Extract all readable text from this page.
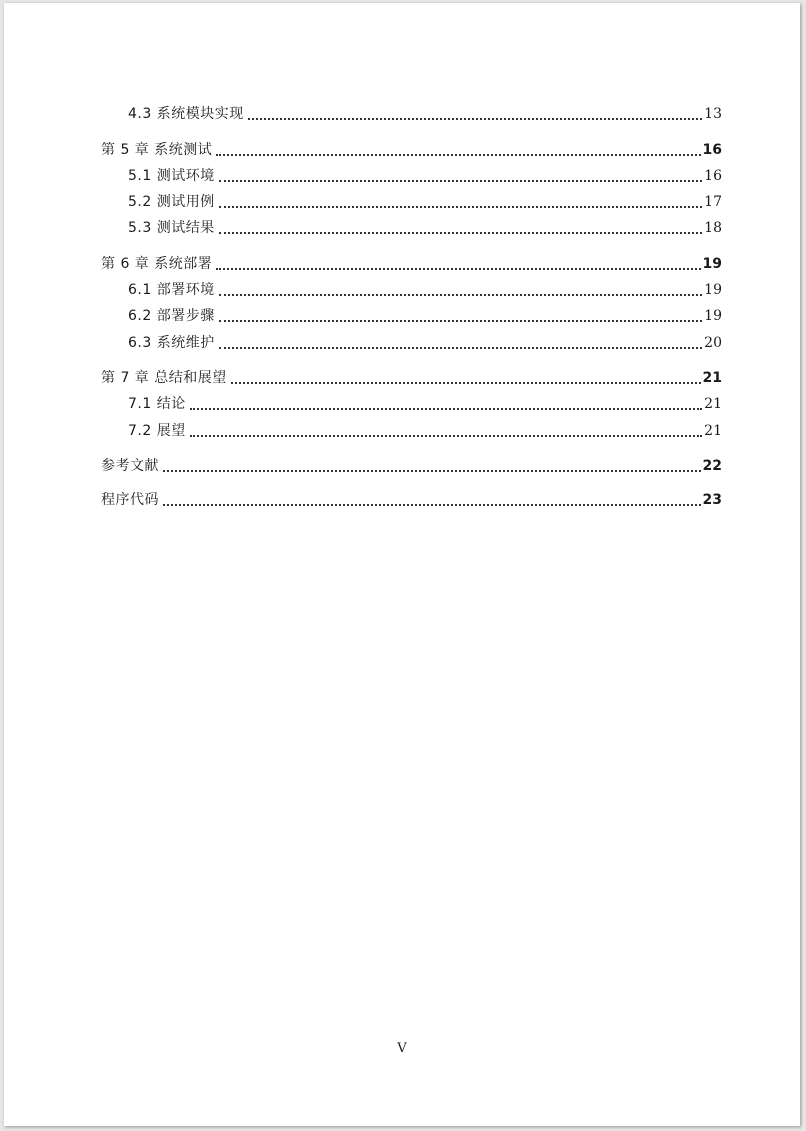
4.3 系统模块实现	13
第 5 章 系统测试	16
5.1 测试环境	16
5.2 测试用例	17
5.3 测试结果	18
第 6 章 系统部署	19
6.1 部署环境	19
6.2 部署步骤	19
6.3 系统维护	20
第 7 章 总结和展望	21
7.1 结论	21
7.2 展望	21
参考文献	22
程序代码	23
V
